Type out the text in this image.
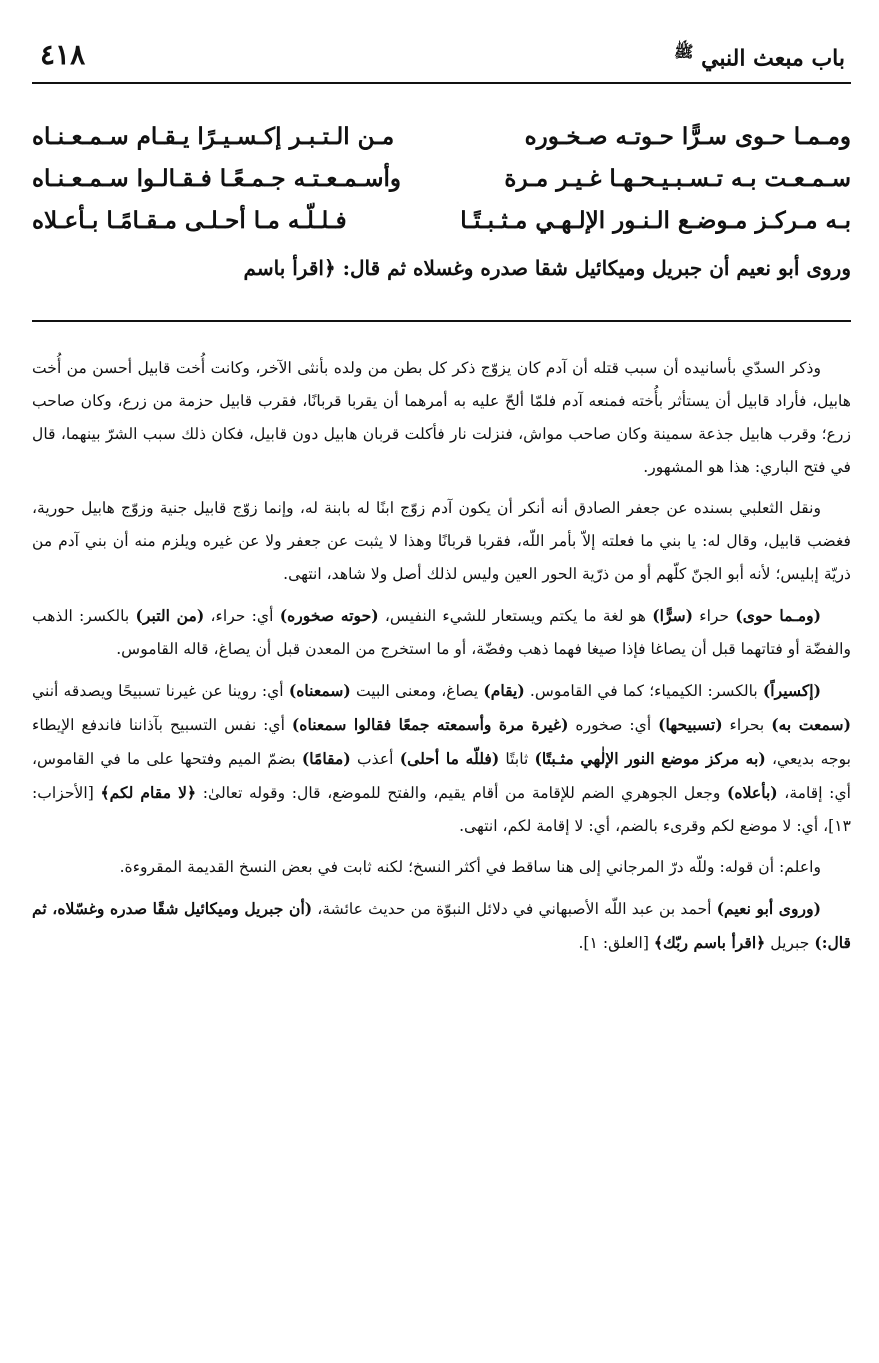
باب مبعث النبي $^ﷺ$
٤١٨
ومـمـا حـوى سـرًّا حـوتـه صـخـوره
مـن الـتـبـر إكـسـيـرًا يـقـام سـمـعـنـاه
سـمـعـت بـه تـسـبـيـحـهـا غـيـر مـرة
وأسـمـعـتـه جـمـعًـا فـقـالـوا سـمـعـنـاه
بـه مـركـز مـوضـع الـنـور الإلـهـي مـثـبـتًـا
فـلـلّـه مـا أحـلـى مـقـامًـا بـأعـلاه
وروى أبو نعيم أن جبريل وميكائيل شقا صدره وغسلاه ثم قال: ﴿اقرأ باسم

وذكر السدّي بأسانيده أن سبب قتله أن آدم كان يزوّج ذكر كل بطن من ولده بأنثى الآخر، وكانت أُخت قابيل أحسن من أُخت هابيل، فأراد قابيل أن يستأثر بأُخته فمنعه آدم فلمّا ألحّ عليه به أمرهما أن يقربا قربانًا، فقرب قابيل حزمة من زرع، وكان صاحب زرع؛ وقرب هابيل جذعة سمينة وكان صاحب مواش، فنزلت نار فأكلت قربان هابيل دون قابيل، فكان ذلك سبب الشرّ بينهما، قال في فتح الباري: هذا هو المشهور.

ونقل الثعلبي بسنده عن جعفر الصادق أنه أنكر أن يكون آدم زوّج ابنًا له بابنة له، وإنما زوّج قابيل جنية وزوّج هابيل حورية، فغضب قابيل، وقال له: يا بني ما فعلته إلاّ بأمر اللّه، فقربا قربانًا وهذا لا يثبت عن جعفر ولا عن غيره ويلزم منه أن بني آدم من ذريّة إبليس؛ لأنه أبو الجنّ كلّهم أو من ذرّية الحور العين وليس لذلك أصل ولا شاهد، انتهى.

(ومـما حوى) حراء (سرًّا) هو لغة ما يكتم ويستعار للشيء النفيس، (حوته صخوره) أي: حراء، (من التبر) بالكسر: الذهب والفضّة أو فتاتهما قبل أن يصاغا فإذا صيغا فهما ذهب وفضّة، أو ما استخرج من المعدن قبل أن يصاغ، قاله القاموس.

(إكسيراً) بالكسر: الكيمياء؛ كما في القاموس. (يقام) يصاغ، ومعنى البيت (سمعناه) أي: روينا عن غيرنا تسبيحًا ويصدقه أنني (سمعت به) بحراء (تسبيحها) أي: صخوره (غيرة مرة وأسمعته جمعًا فقالوا سمعناه) أي: نفس التسبيح بآذاننا فاندفع الإيطاء بوجه بديعي، (به مركز موضع النور الإلٰهي مثـبتًا) ثابتًا (فللّه ما أحلى) أعذب (مقامًا) بضمّ الميم وفتحها على ما في القاموس، أي: إقامة، (بأعلاه) وجعل الجوهري الضم للإقامة من أقام يقيم، والفتح للموضع، قال: وقوله تعالىٰ: ﴿لا مقام لكم﴾ [الأحزاب: ١٣]، أي: لا موضع لكم وقرىء بالضم، أي: لا إقامة لكم، انتهى.

واعلم: أن قوله: وللّه درّ المرجاني إلى هنا ساقط في أكثر النسخ؛ لكنه ثابت في بعض النسخ القديمة المقروءة.

(وروى أبو نعيم) أحمد بن عبد اللّه الأصبهاني في دلائل النبوّة من حديث عائشة، (أن جبريل وميكائيل شقًا صدره وغسّلاه، ثم قال:) جبريل ﴿اقرأ باسم ربّك﴾ [العلق: ١].
